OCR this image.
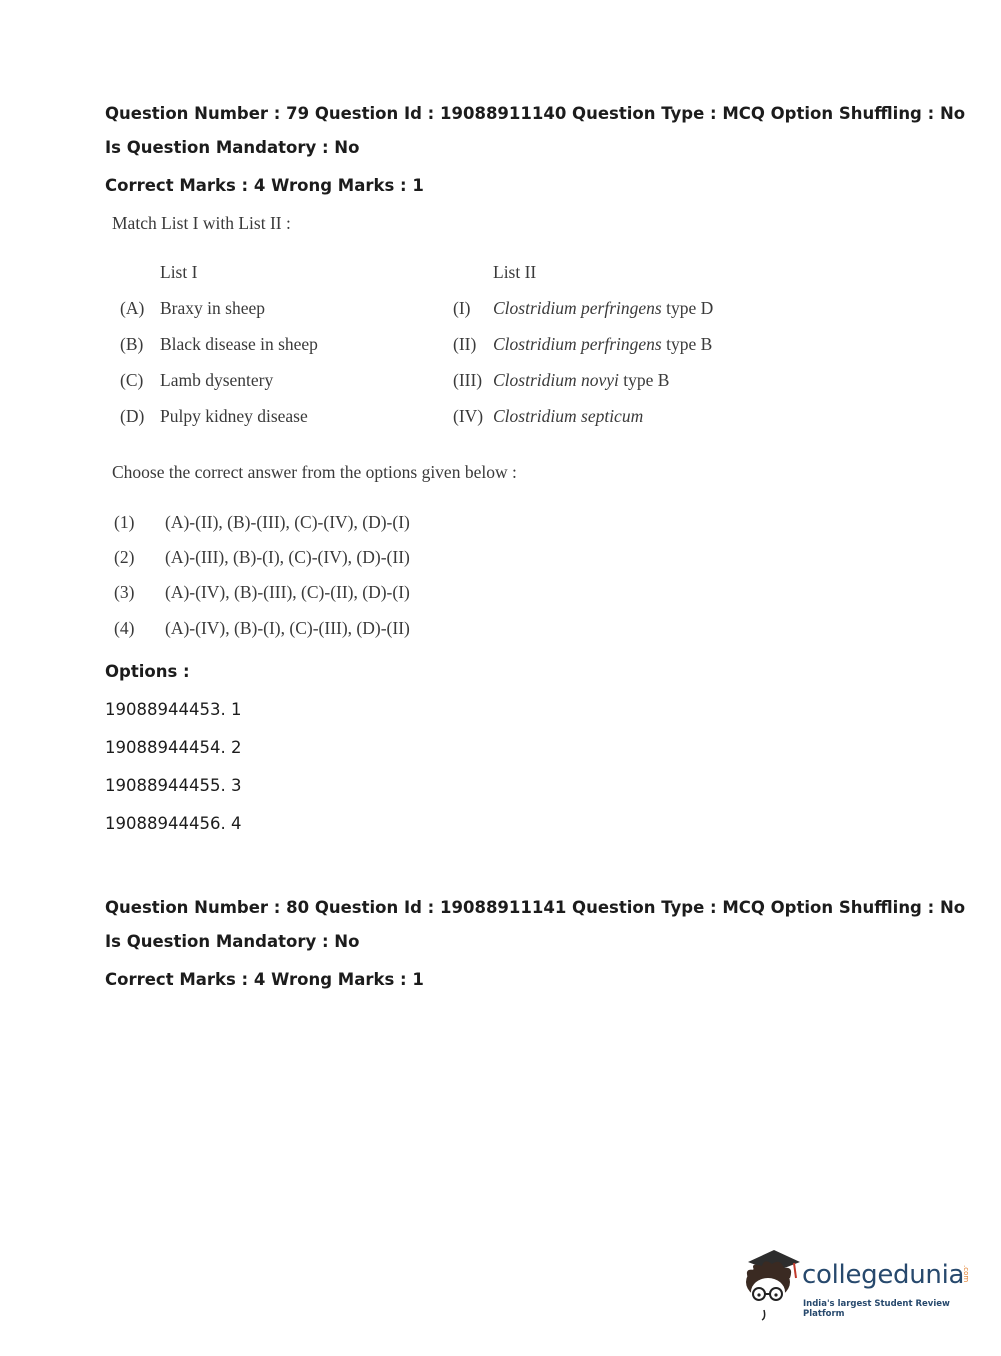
Question Number : 79 Question Id : 19088911140 Question Type : MCQ Option Shuffling : No
Is Question Mandatory : No
Correct Marks : 4 Wrong Marks : 1
Match List I with List II :
List I	List II
(A) Braxy in sheep	(I) Clostridium perfringens type D
(B) Black disease in sheep	(II) Clostridium perfringens type B
(C) Lamb dysentery	(III) Clostridium novyi type B
(D) Pulpy kidney disease	(IV) Clostridium septicum
Choose the correct answer from the options given below :
(1) (A)-(II), (B)-(III), (C)-(IV), (D)-(I)
(2) (A)-(III), (B)-(I), (C)-(IV), (D)-(II)
(3) (A)-(IV), (B)-(III), (C)-(II), (D)-(I)
(4) (A)-(IV), (B)-(I), (C)-(III), (D)-(II)
Options :
19088944453. 1
19088944454. 2
19088944455. 3
19088944456. 4
Question Number : 80 Question Id : 19088911141 Question Type : MCQ Option Shuffling : No
Is Question Mandatory : No
Correct Marks : 4 Wrong Marks : 1
collegedunia
.com
India's largest Student Review Platform
